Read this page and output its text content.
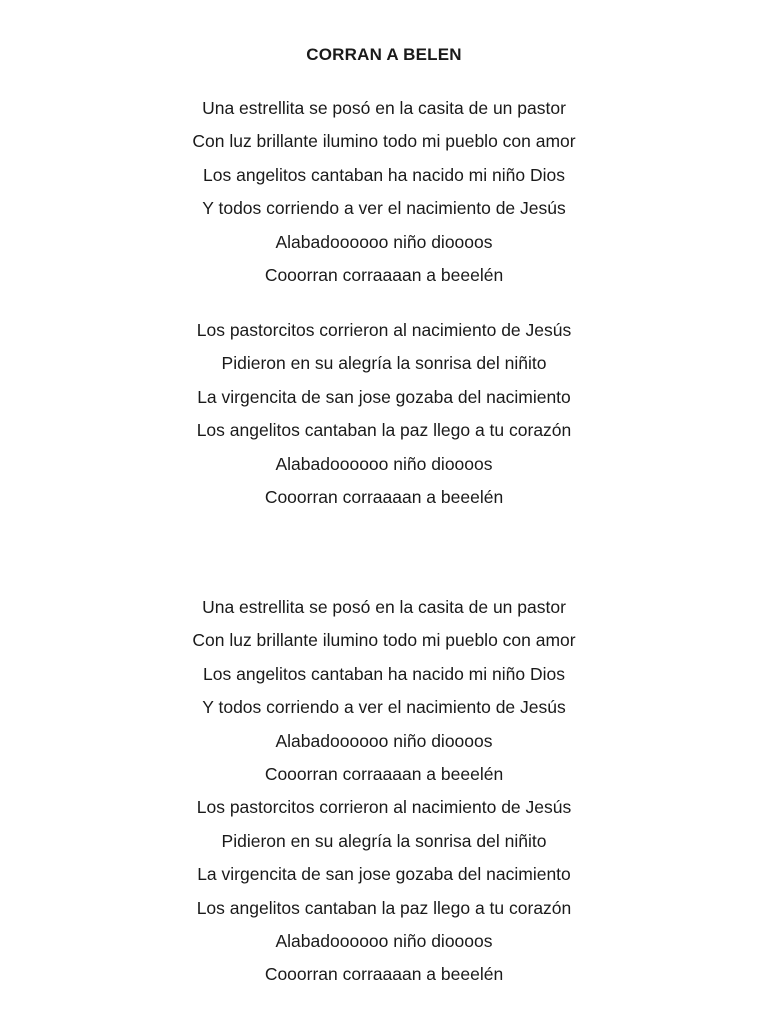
CORRAN A BELEN
Una estrellita se posó en la casita de un pastor
Con luz brillante ilumino todo mi pueblo con amor
Los angelitos cantaban ha nacido mi niño Dios
Y todos corriendo a ver el nacimiento de Jesús
Alabadoooooo niño dioooos
Cooorran corraaaan a beeelén
Los pastorcitos corrieron al nacimiento de Jesús
Pidieron en su alegría la sonrisa del niñito
La virgencita de san jose gozaba del nacimiento
Los angelitos cantaban la paz llego a tu corazón
Alabadoooooo niño dioooos
Cooorran corraaaan a beeelén
Una estrellita se posó en la casita de un pastor
Con luz brillante ilumino todo mi pueblo con amor
Los angelitos cantaban ha nacido mi niño Dios
Y todos corriendo a ver el nacimiento de Jesús
Alabadoooooo niño dioooos
Cooorran corraaaan a beeelén
Los pastorcitos corrieron al nacimiento de Jesús
Pidieron en su alegría la sonrisa del niñito
La virgencita de san jose gozaba del nacimiento
Los angelitos cantaban la paz llego a tu corazón
Alabadoooooo niño dioooos
Cooorran corraaaan a beeelén
